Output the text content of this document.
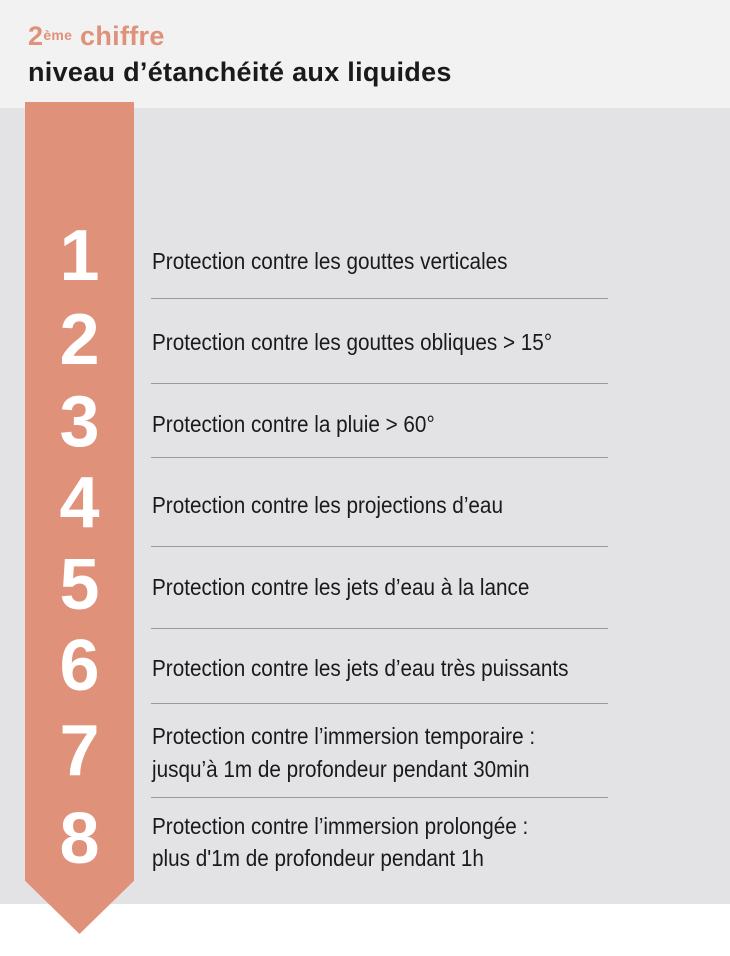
2ème chiffre
niveau d’étanchéité aux liquides
1	Protection contre les gouttes verticales
2	Protection contre les gouttes obliques > 15°
3	Protection contre la pluie > 60°
4	Protection contre les projections d’eau
5	Protection contre les jets d’eau à la lance
6	Protection contre les jets d’eau très puissants
7	Protection contre l’immersion temporaire :
jusqu’à 1m de profondeur pendant 30min
8	Protection contre l’immersion prolongée :
plus d'1m de profondeur pendant 1h
